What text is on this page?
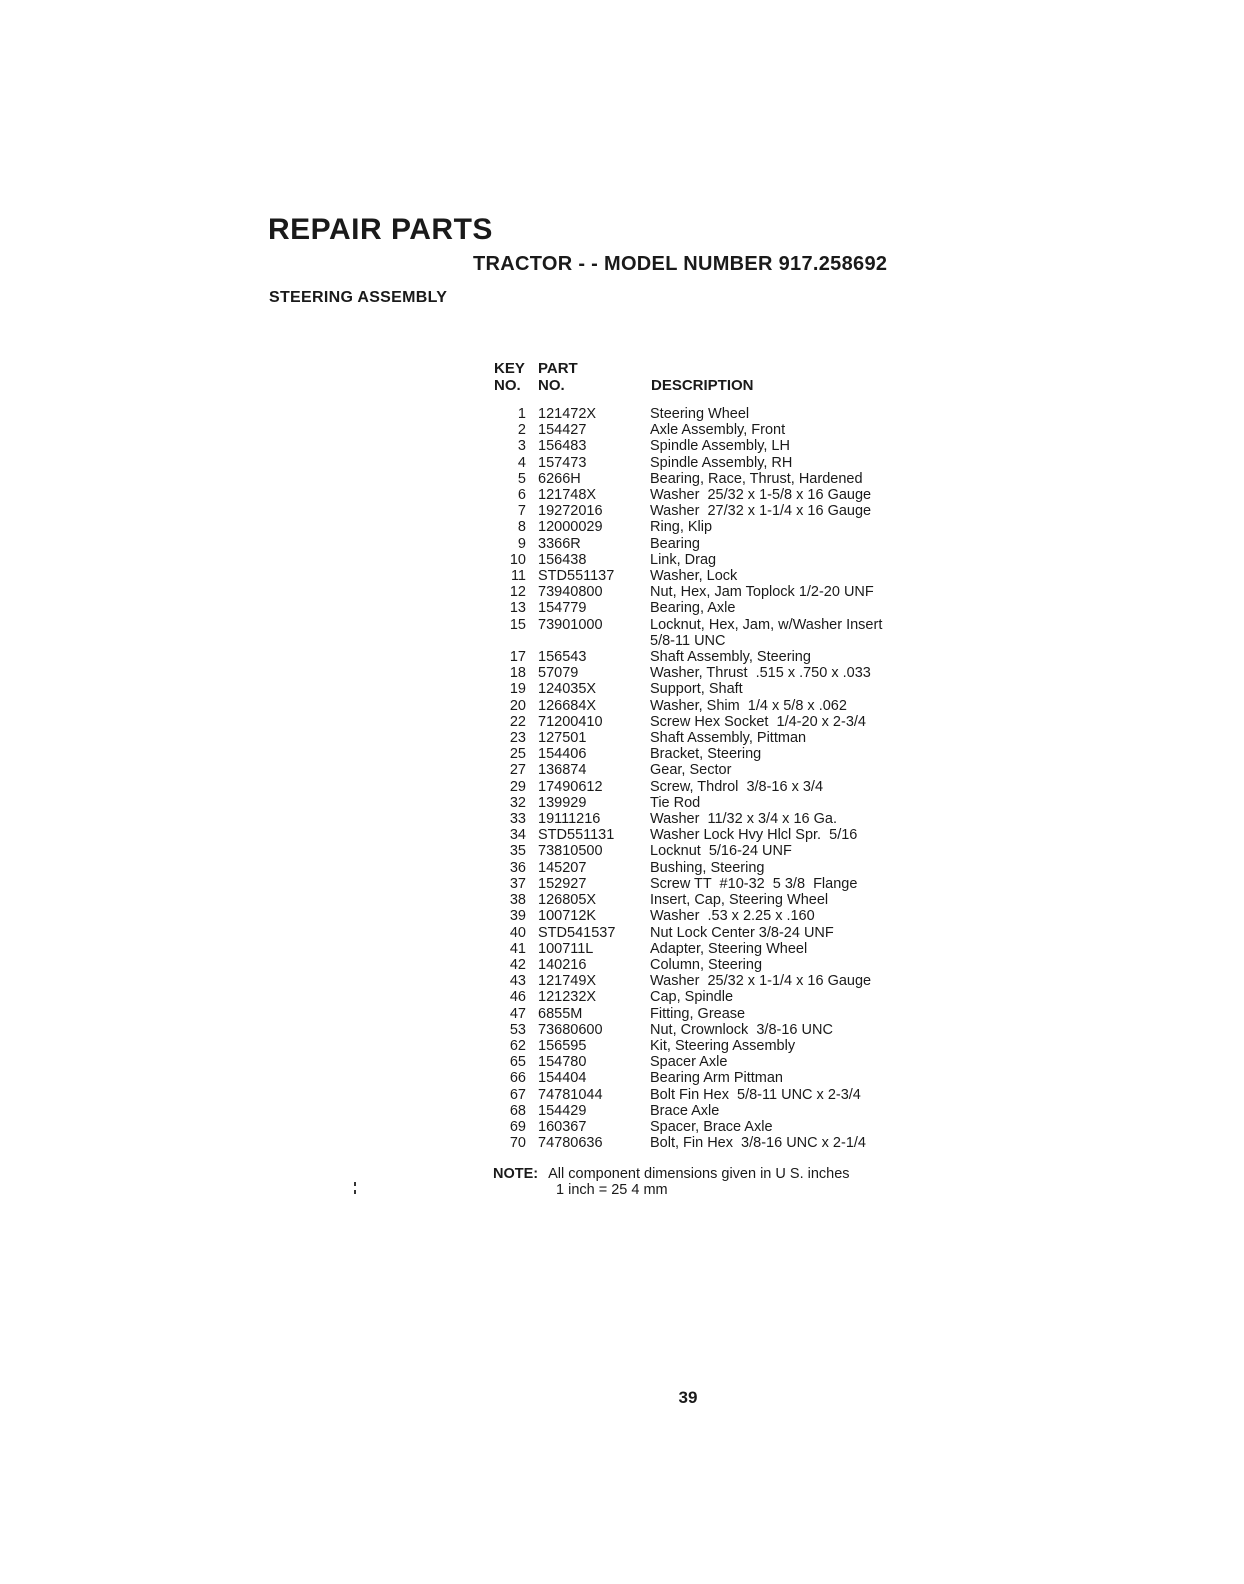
REPAIR PARTS
TRACTOR - - MODEL NUMBER 917.258692
STEERING ASSEMBLY
KEY
NO.
PART
NO.	DESCRIPTION
1 121472X	Steering Wheel
2 154427	Axle Assembly, Front
3 156483	Spindle Assembly, LH
4 157473	Spindle Assembly, RH
5 6266H	Bearing, Race, Thrust, Hardened
6 121748X	Washer  25/32 x 1-5/8 x 16 Gauge
7 19272016	Washer  27/32 x 1-1/4 x 16 Gauge
8 12000029	Ring, Klip
9 3366R	Bearing
10 156438	Link, Drag
11 STD551137 Washer, Lock
12 73940800	Nut, Hex, Jam Toplock 1/2-20 UNF
13 154779	Bearing, Axle
15 73901000	Locknut, Hex, Jam, w/Washer Insert
5/8-11 UNC
17 156543	Shaft Assembly, Steering
18 57079	Washer, Thrust  .515 x .750 x .033
19 124035X	Support, Shaft
20 126684X	Washer, Shim  1/4 x 5/8 x .062
22 71200410	Screw Hex Socket  1/4-20 x 2-3/4
23 127501	Shaft Assembly, Pittman
25 154406	Bracket, Steering
27 136874	Gear, Sector
29 17490612	Screw, Thdrol  3/8-16 x 3/4
32 139929	Tie Rod
33 19111216	Washer  11/32 x 3/4 x 16 Ga.
34 STD551131 Washer Lock Hvy Hlcl Spr.  5/16
35 73810500	Locknut  5/16-24 UNF
36 145207	Bushing, Steering
37 152927	Screw TT  #10-32  5 3/8  Flange
38 126805X	Insert, Cap, Steering Wheel
39 100712K	Washer  .53 x 2.25 x .160
40 STD541537 Nut Lock Center 3/8-24 UNF
41 100711L	Adapter, Steering Wheel
42 140216	Column, Steering
43 121749X	Washer  25/32 x 1-1/4 x 16 Gauge
46 121232X	Cap, Spindle
47 6855M	Fitting, Grease
53 73680600	Nut, Crownlock  3/8-16 UNC
62 156595	Kit, Steering Assembly
65 154780	Spacer Axle
66 154404	Bearing Arm Pittman
67 74781044	Bolt Fin Hex  5/8-11 UNC x 2-3/4
68 154429	Brace Axle
69 160367	Spacer, Brace Axle
70 74780636	Bolt, Fin Hex  3/8-16 UNC x 2-1/4
NOTE: All component dimensions given in U S. inches
1 inch = 25 4 mm
39
